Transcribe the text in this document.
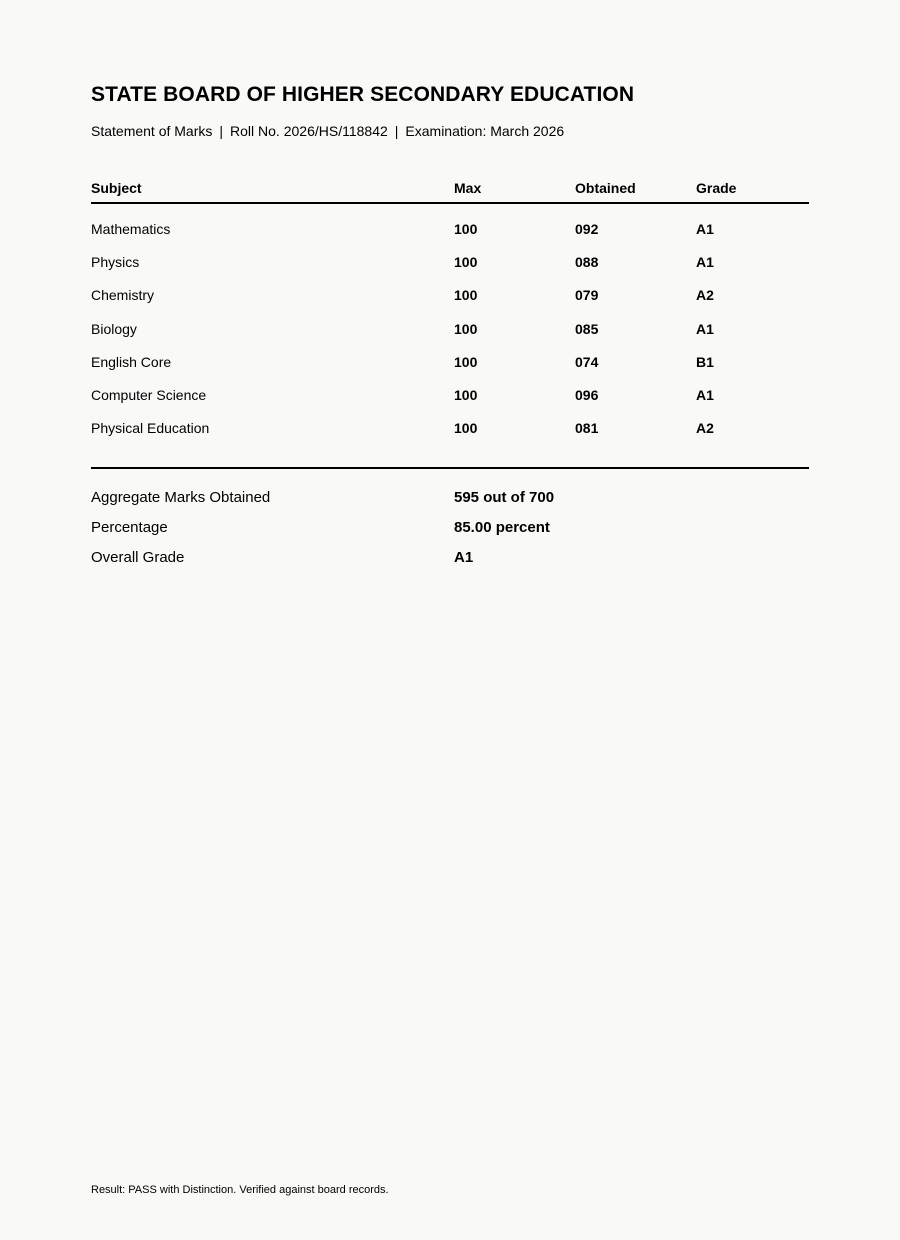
STATE BOARD OF HIGHER SECONDARY EDUCATION
Statement of Marks | Roll No. 2026/HS/118842 | Examination: March 2026
Subject	Max	Obtained	Grade
Mathematics	100	092	A1
Physics	100	088	A1
Chemistry	100	079	A2
Biology	100	085	A1
English Core	100	074	B1
Computer Science	100	096	A1
Physical Education	100	081	A2
Aggregate Marks Obtained	595 out of 700
Percentage	85.00 percent
Overall Grade	A1
Result: PASS with Distinction. Verified against board records.
